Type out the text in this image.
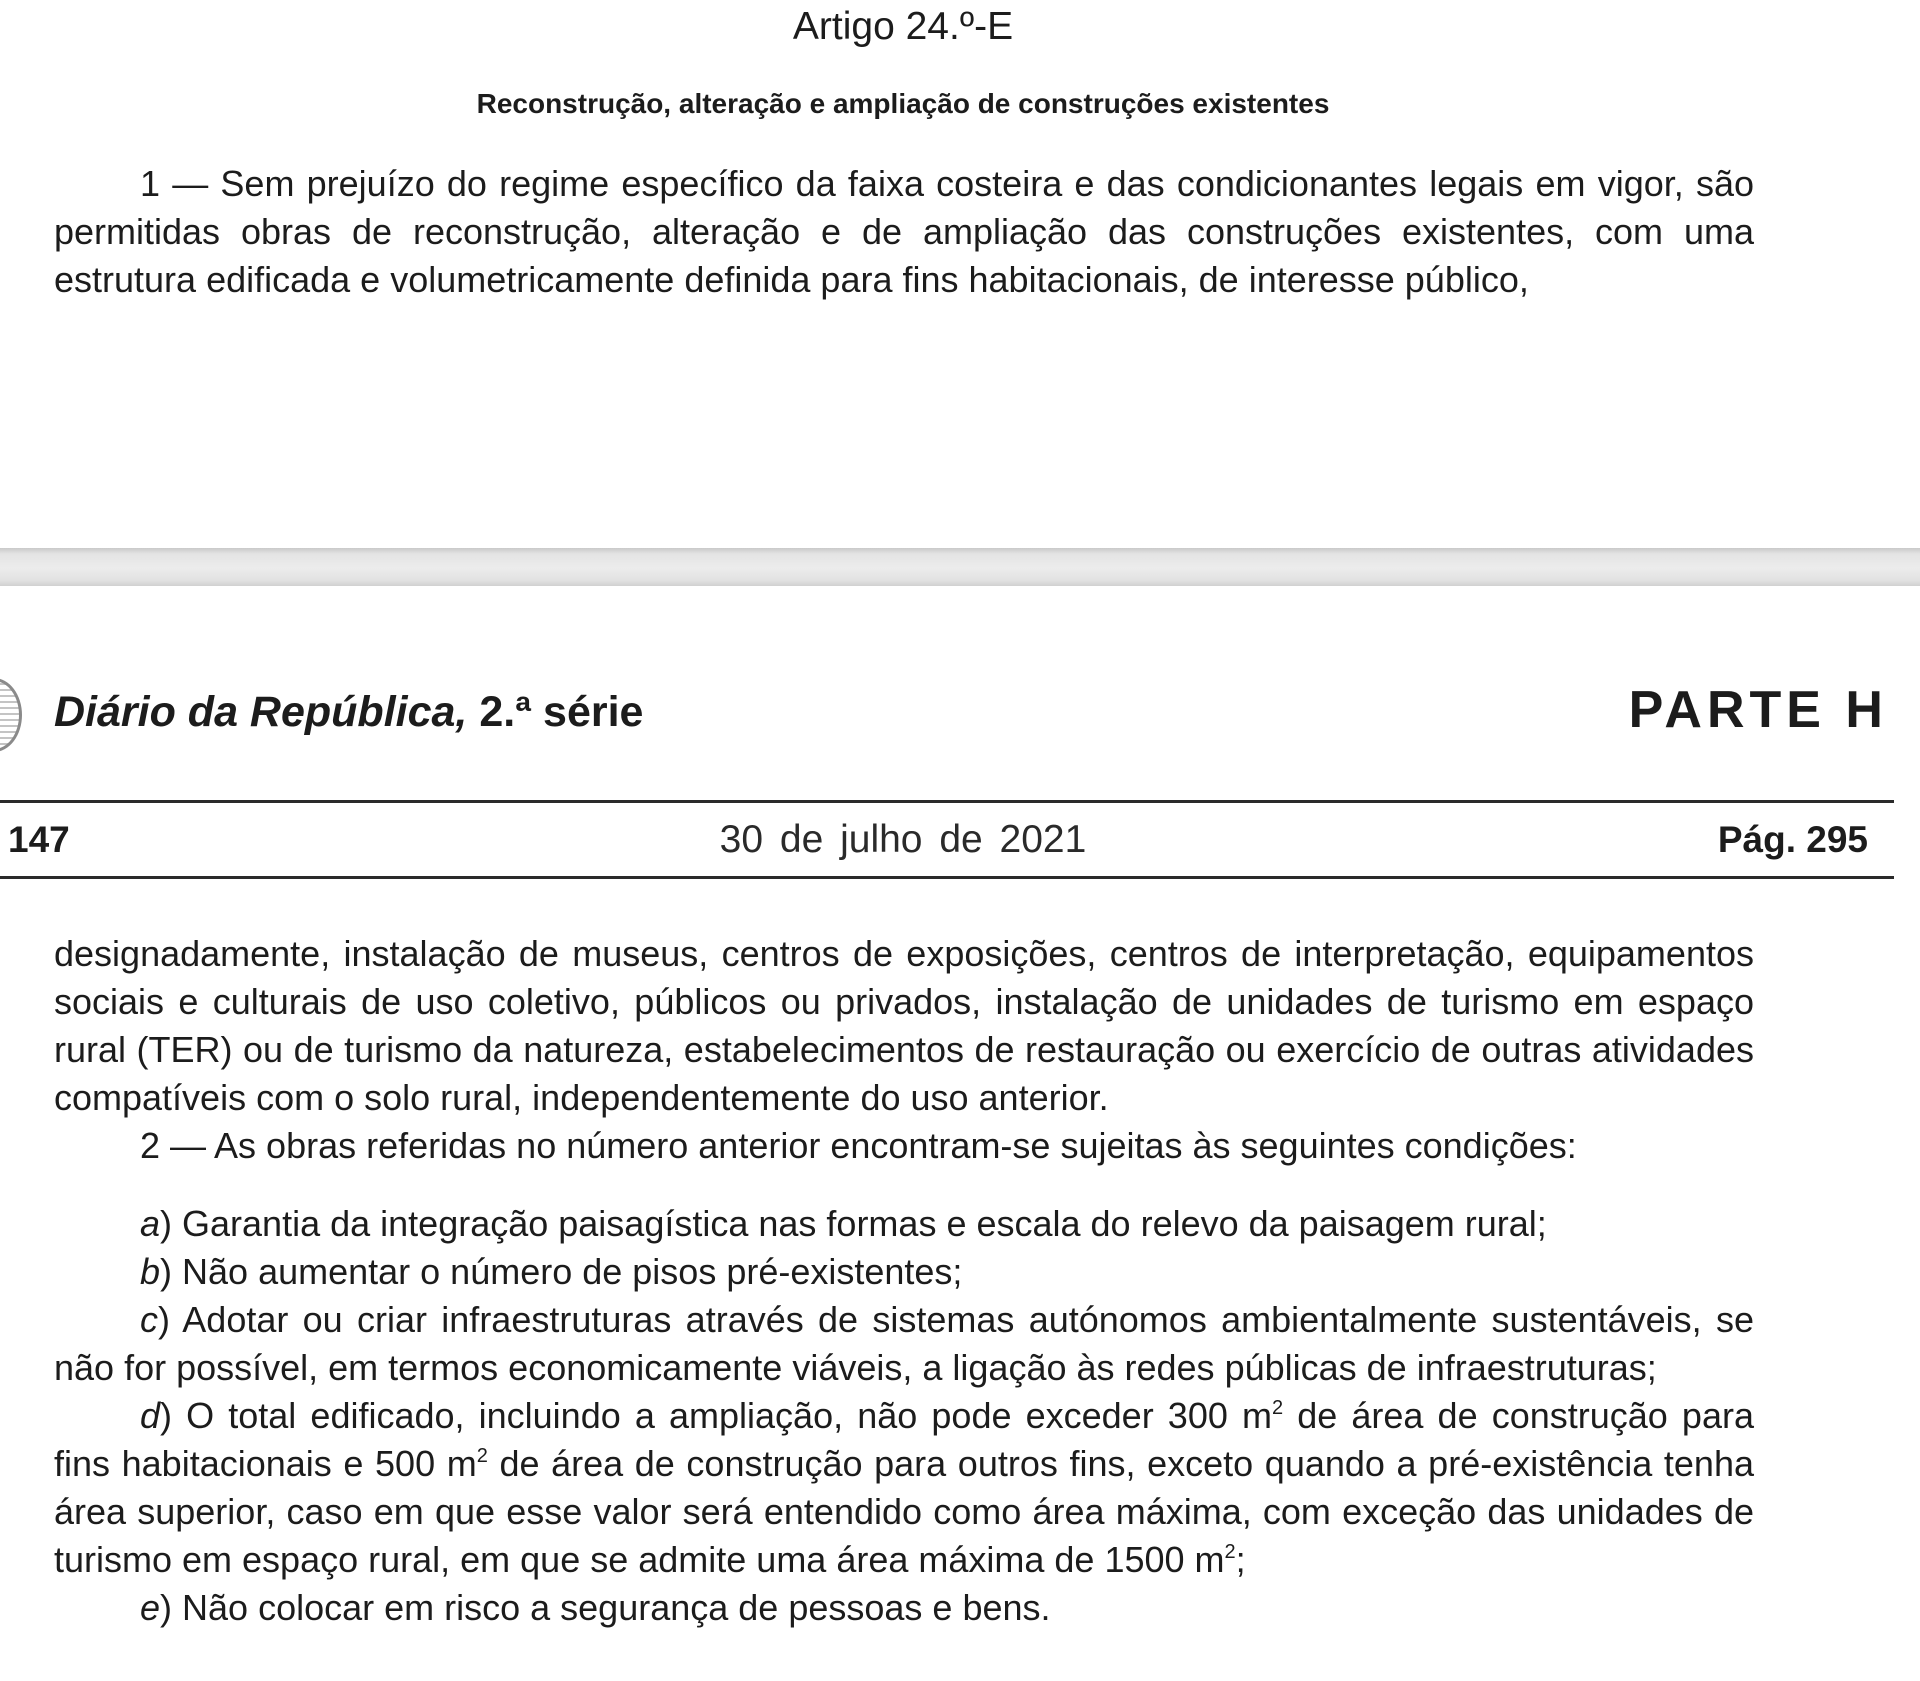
Artigo 24.º-E
Reconstrução, alteração e ampliação de construções existentes

1 — Sem prejuízo do regime específico da faixa costeira e das condicionantes legais em vigor, são permitidas obras de reconstrução, alteração e de ampliação das construções existentes, com uma estrutura edificada e volumetricamente definida para fins habitacionais, de interesse público,

Diário da República, 2.ª série	PARTE H
147	30 de julho de 2021	Pág. 295

designadamente, instalação de museus, centros de exposições, centros de interpretação, equipamentos sociais e culturais de uso coletivo, públicos ou privados, instalação de unidades de turismo em espaço rural (TER) ou de turismo da natureza, estabelecimentos de restauração ou exercício de outras atividades compatíveis com o solo rural, independentemente do uso anterior.

2 — As obras referidas no número anterior encontram-se sujeitas às seguintes condições:

a) Garantia da integração paisagística nas formas e escala do relevo da paisagem rural;

b) Não aumentar o número de pisos pré-existentes;

c) Adotar ou criar infraestruturas através de sistemas autónomos ambientalmente sustentáveis, se não for possível, em termos economicamente viáveis, a ligação às redes públicas de infraestruturas;

d) O total edificado, incluindo a ampliação, não pode exceder 300 $m^2$ de área de construção para fins habitacionais e 500 $m^2$ de área de construção para outros fins, exceto quando a pré-existência tenha área superior, caso em que esse valor será entendido como área máxima, com exceção das unidades de turismo em espaço rural, em que se admite uma área máxima de 1500 $m^2$;

e) Não colocar em risco a segurança de pessoas e bens.
